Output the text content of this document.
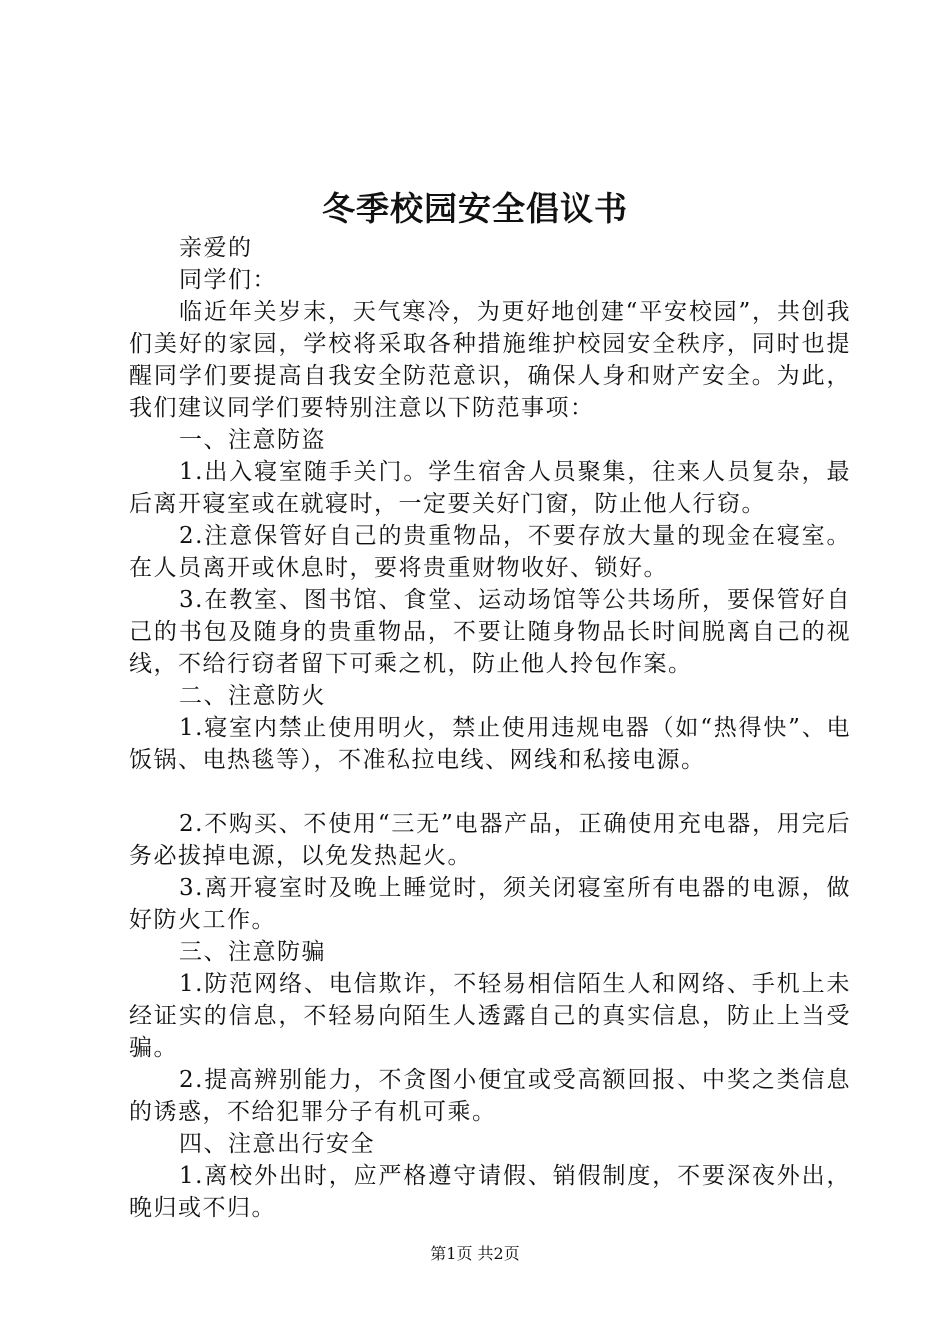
冬季校园安全倡议书

亲爱的

同学们：

临近年关岁末，天气寒冷，为更好地创建“平安校园”，共创我们美好的家园，学校将采取各种措施维护校园安全秩序，同时也提醒同学们要提高自我安全防范意识，确保人身和财产安全。为此，我们建议同学们要特别注意以下防范事项：

一、注意防盗

1.出入寝室随手关门。学生宿舍人员聚集，往来人员复杂，最后离开寝室或在就寝时，一定要关好门窗，防止他人行窃。

2.注意保管好自己的贵重物品，不要存放大量的现金在寝室。在人员离开或休息时，要将贵重财物收好、锁好。

3.在教室、图书馆、食堂、运动场馆等公共场所，要保管好自己的书包及随身的贵重物品，不要让随身物品长时间脱离自己的视线，不给行窃者留下可乘之机，防止他人拎包作案。

二、注意防火

1.寝室内禁止使用明火，禁止使用违规电器（如“热得快”、电饭锅、电热毯等），不准私拉电线、网线和私接电源。

2.不购买、不使用“三无”电器产品，正确使用充电器，用完后务必拔掉电源，以免发热起火。

3.离开寝室时及晚上睡觉时，须关闭寝室所有电器的电源，做好防火工作。

三、注意防骗

1.防范网络、电信欺诈，不轻易相信陌生人和网络、手机上未经证实的信息，不轻易向陌生人透露自己的真实信息，防止上当受骗。

2.提高辨别能力，不贪图小便宜或受高额回报、中奖之类信息的诱惑，不给犯罪分子有机可乘。

四、注意出行安全

1.离校外出时，应严格遵守请假、销假制度，不要深夜外出，晚归或不归。

第1页 共2页
